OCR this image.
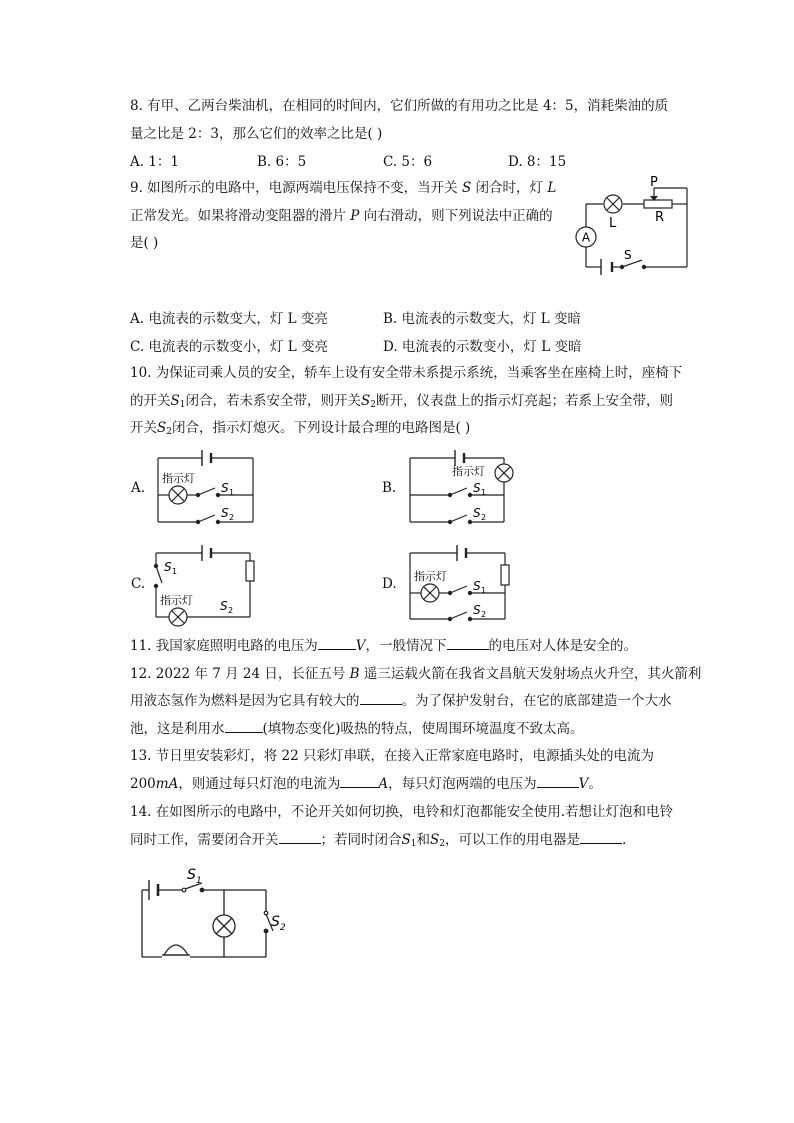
8. 有甲、乙两台柴油机，在相同的时间内，它们所做的有用功之比是 4：5，消耗柴油的质
量之比是 2：3，那么它们的效率之比是( )
A. 1：1	B. 6：5	C. 5：6	D. 8：15
9. 如图所示的电路中，电源两端电压保持不变，当开关 S 闭合时，灯 L
正常发光。如果将滑动变阻器的滑片 P 向右滑动，则下列说法中正确的
是( )	A
P
L	R
S
A. 电流表的示数变大，灯 L 变亮	B. 电流表的示数变大，灯 L 变暗
C. 电流表的示数变小，灯 L 变亮	D. 电流表的示数变小，灯 L 变暗
10. 为保证司乘人员的安全，轿车上设有安全带未系提示系统，当乘客坐在座椅上时，座椅下
的开关$S_1$闭合，若未系安全带，则开关$S_2$断开，仪表盘上的指示灯亮起；若系上安全带，则
开关$S_2$闭合，指示灯熄灭。下列设计最合理的电路图是( )
A.
指示灯
S 1
S 2
B.
指示灯
S 1
S 2
C.
S 1
指示灯 S 2
D. 指示灯
S 1
S 2
11. 我国家庭照明电路的电压为	V，一般情况下	的电压对人体是安全的。
12. 2022 年 7 月 24 日，长征五号 B 遥三运载火箭在我省文昌航天发射场点火升空，其火箭利
用液态氢作为燃料是因为它具有较大的	。为了保护发射台，在它的底部建造一个大水
池，这是利用水	(填物态变化)吸热的特点，使周围环境温度不致太高。
13. 节日里安装彩灯，将 22 只彩灯串联，在接入正常家庭电路时，电源插头处的电流为
200mA，则通过每只灯泡的电流为	A，每只灯泡两端的电压为	V。
14. 在如图所示的电路中，不论开关如何切换，电铃和灯泡都能安全使用.若想让灯泡和电铃
同时工作，需要闭合开关	；若同时闭合$S_1$和$S_2$，可以工作的用电器是	.
S 1
S 2
